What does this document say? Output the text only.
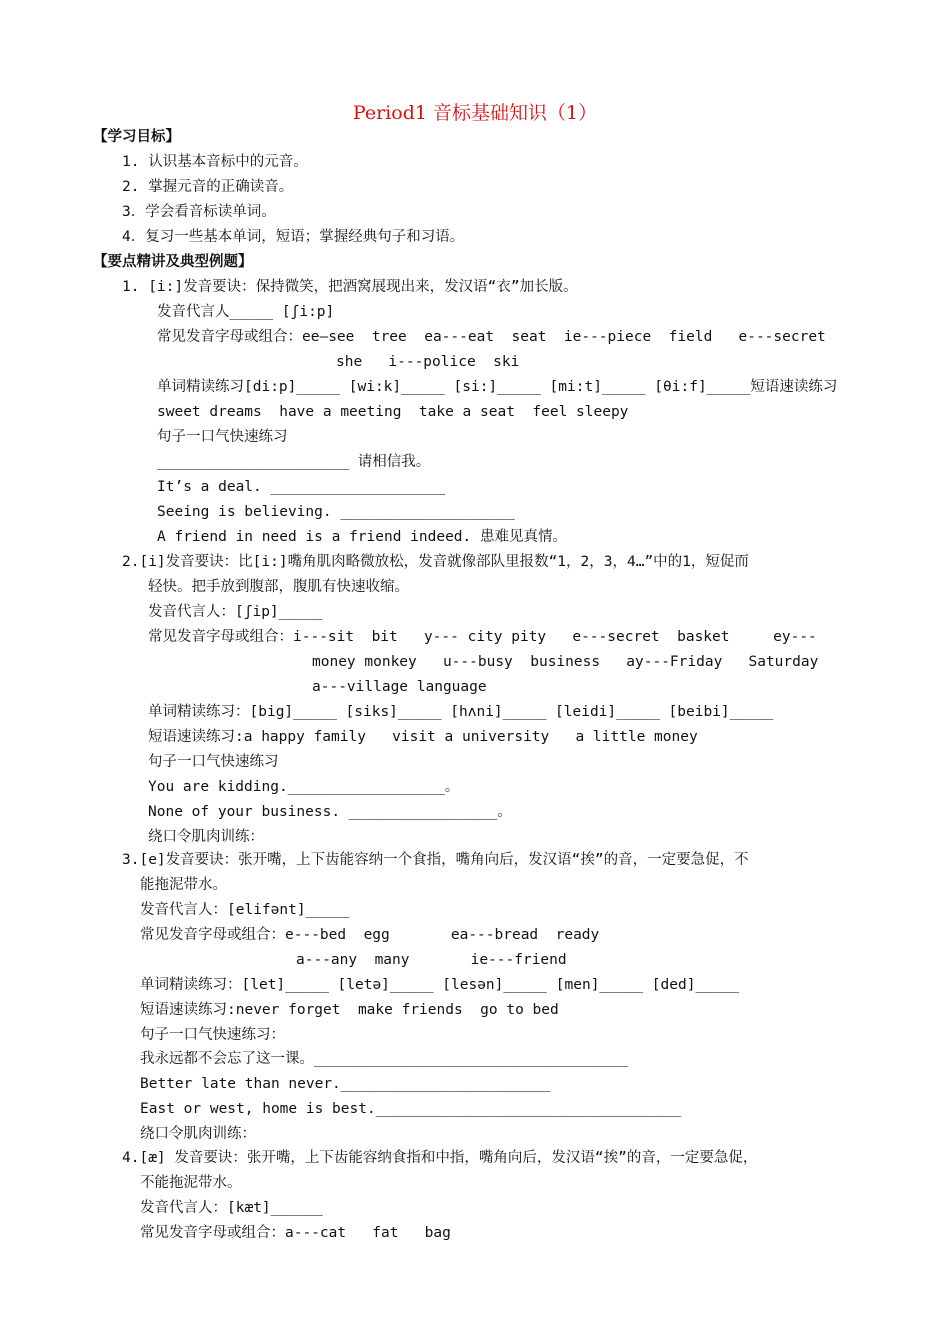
Period1 音标基础知识（1）
【学习目标】
1. 认识基本音标中的元音。
2. 掌握元音的正确读音。
3．学会看音标读单词。
4．复习一些基本单词，短语；掌握经典句子和习语。
【要点精讲及典型例题】
1. [i:]发音要诀：保持微笑，把酒窝展现出来，发汉语“衣”加长版。
发音代言人_____ [ʃi:p]
常见发音字母或组合：ee—see  tree  ea---eat  seat  ie---piece  field   e---secret
she   i---police  ski
单词精读练习[di:p]_____ [wi:k]_____ [si:]_____ [mi:t]_____ [θi:f]_____短语速读练习
sweet dreams  have a meeting  take a seat  feel sleepy
句子一口气快速练习
______________________ 请相信我。
It’s a deal. ____________________
Seeing is believing. ____________________
A friend in need is a friend indeed. 患难见真情。
2.[i]发音要诀：比[i:]嘴角肌肉略微放松，发音就像部队里报数“1，2，3，4…”中的1，短促而
轻快。把手放到腹部，腹肌有快速收缩。
发音代言人：[ʃip]_____
常见发音字母或组合：i---sit  bit   y--- city pity   e---secret  basket     ey---
money monkey   u---busy  business   ay---Friday   Saturday
a---village language
单词精读练习：[big]_____ [siks]_____ [hʌni]_____ [leidi]_____ [beibi]_____
短语速读练习:a happy family   visit a university   a little money
句子一口气快速练习
You are kidding.__________________。
None of your business. _________________。
绕口令肌肉训练：
3.[e]发音要诀：张开嘴，上下齿能容纳一个食指，嘴角向后，发汉语“挨”的音，一定要急促，不
能拖泥带水。
发音代言人：[elifənt]_____
常见发音字母或组合：e---bed  egg       ea---bread  ready
a---any  many       ie---friend
单词精读练习：[let]_____ [letə]_____ [lesən]_____ [men]_____ [ded]_____
短语速读练习:never forget  make friends  go to bed
句子一口气快速练习：
我永远都不会忘了这一课。____________________________________
Better late than never.________________________
East or west, home is best.___________________________________
绕口令肌肉训练：
4.[æ] 发音要诀：张开嘴，上下齿能容纳食指和中指，嘴角向后，发汉语“挨”的音，一定要急促，
不能拖泥带水。
发音代言人：[kæt]______
常见发音字母或组合：a---cat   fat   bag
